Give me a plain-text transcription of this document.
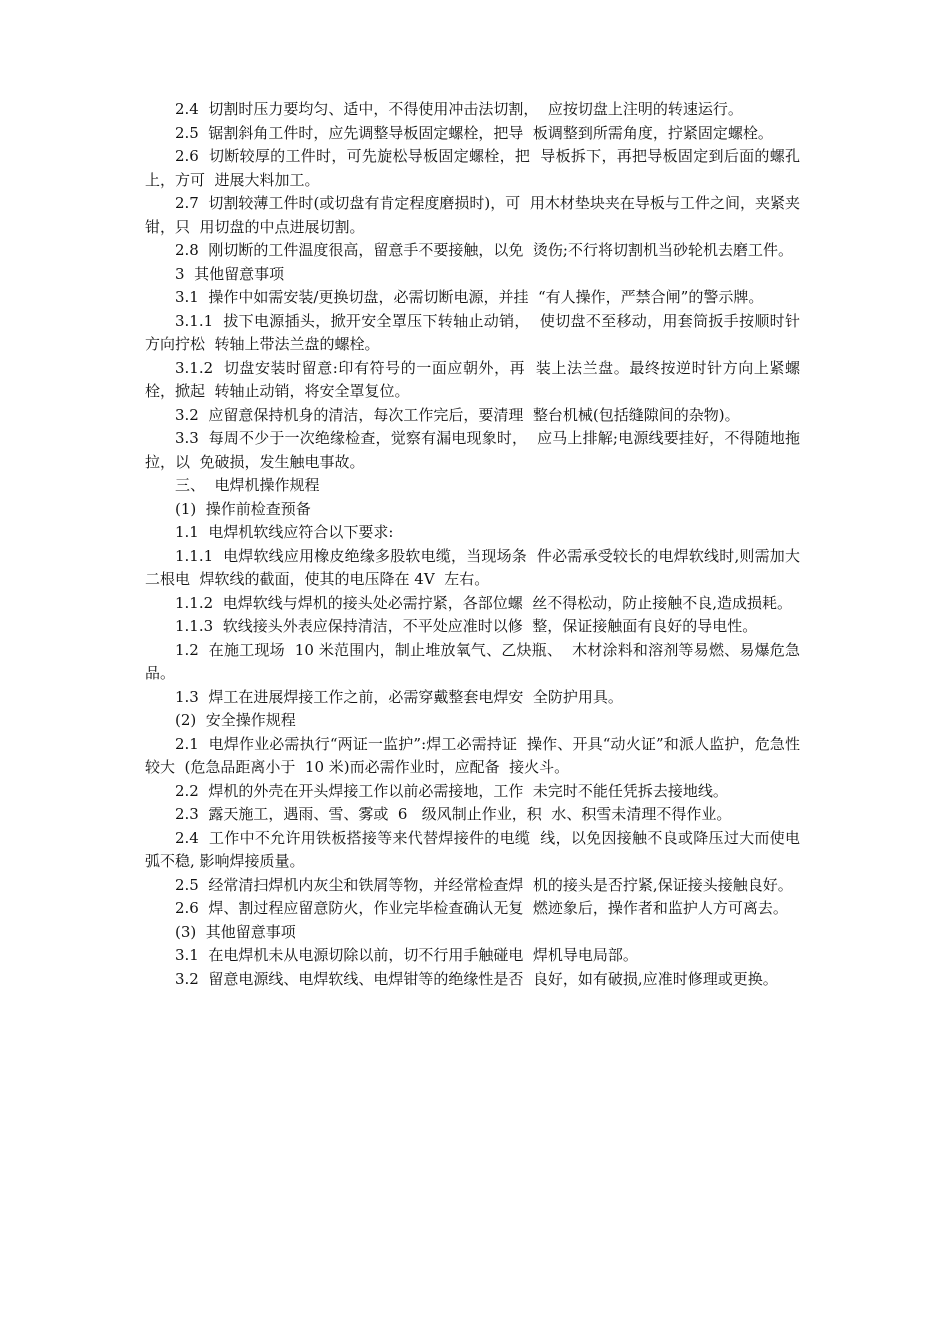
2.4  切割时压力要均匀、适中，不得使用冲击法切割，  应按切盘上注明的转速运行。

2.5  锯割斜角工件时，应先调整导板固定螺栓，把导  板调整到所需角度，拧紧固定螺栓。

2.6  切断较厚的工件时，可先旋松导板固定螺栓，把  导板拆下，再把导板固定到后面的螺孔上，方可  进展大料加工。

2.7  切割较薄工件时(或切盘有肯定程度磨损时)，可  用木材垫块夹在导板与工件之间，夹紧夹钳，只  用切盘的中点进展切割。

2.8  刚切断的工件温度很高，留意手不要接触，以免  烫伤;不行将切割机当砂轮机去磨工件。

3  其他留意事项

3.1  操作中如需安装/更换切盘，必需切断电源，并挂  “有人操作，严禁合闸”的警示牌。

3.1.1  拔下电源插头，掀开安全罩压下转轴止动销，  使切盘不至移动，用套筒扳手按顺时针方向拧松  转轴上带法兰盘的螺栓。

3.1.2  切盘安装时留意:印有符号的一面应朝外，再  装上法兰盘。最终按逆时针方向上紧螺栓，掀起  转轴止动销，将安全罩复位。

3.2  应留意保持机身的清洁，每次工作完后，要清理  整台机械(包括缝隙间的杂物)。

3.3  每周不少于一次绝缘检查，觉察有漏电现象时，  应马上排解;电源线要挂好，不得随地拖拉，以  免破损，发生触电事故。

三、  电焊机操作规程

(1)  操作前检查预备

1.1  电焊机软线应符合以下要求:

1.1.1  电焊软线应用橡皮绝缘多股软电缆，当现场条  件必需承受较长的电焊软线时,则需加大二根电  焊软线的截面，使其的电压降在 4V  左右。

1.1.2  电焊软线与焊机的接头处必需拧紧，各部位螺  丝不得松动，防止接触不良,造成损耗。

1.1.3  软线接头外表应保持清洁，不平处应准时以修  整，保证接触面有良好的导电性。

1.2  在施工现场  10 米范围内，制止堆放氧气、乙炔瓶、  木材涂料和溶剂等易燃、易爆危急品。

1.3  焊工在进展焊接工作之前，必需穿戴整套电焊安  全防护用具。

(2)  安全操作规程

2.1  电焊作业必需执行“两证一监护”:焊工必需持证  操作、开具“动火证”和派人监护，危急性较大  (危急品距离小于  10 米)而必需作业时，应配备  接火斗。

2.2  焊机的外壳在开头焊接工作以前必需接地，工作  未完时不能任凭拆去接地线。

2.3  露天施工，遇雨、雪、雾或  6   级风制止作业，积  水、积雪未清理不得作业。

2.4  工作中不允许用铁板搭接等来代替焊接件的电缆  线，以免因接触不良或降压过大而使电弧不稳, 影响焊接质量。

2.5  经常清扫焊机内灰尘和铁屑等物，并经常检查焊  机的接头是否拧紧,保证接头接触良好。

2.6  焊、割过程应留意防火，作业完毕检查确认无复  燃迹象后，操作者和监护人方可离去。

(3)  其他留意事项

3.1  在电焊机未从电源切除以前，切不行用手触碰电  焊机导电局部。

3.2  留意电源线、电焊软线、电焊钳等的绝缘性是否  良好，如有破损,应准时修理或更换。
